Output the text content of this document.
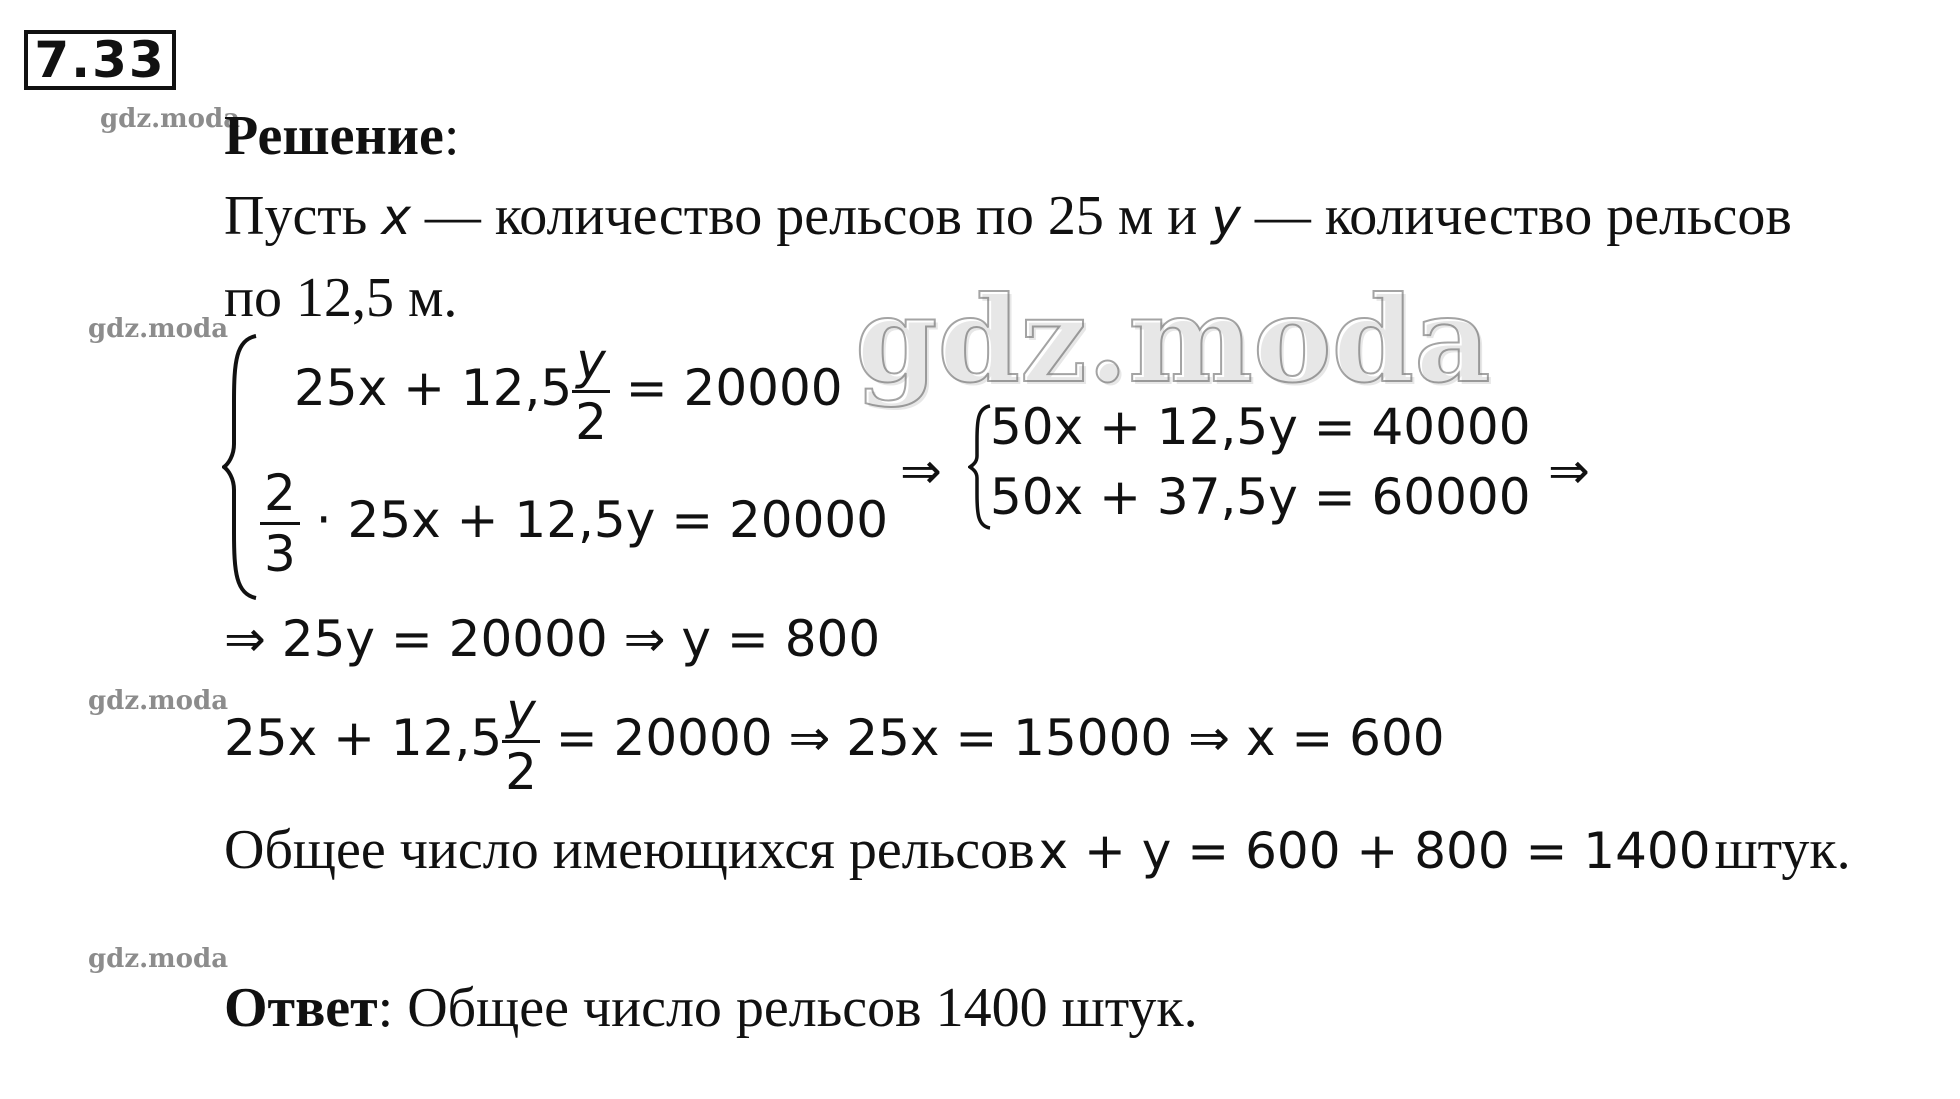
7.33
gdz.moda
gdz.moda
gdz.moda
gdz.moda
gdz.moda
Решение:
Пусть x — количество рельсов по 25 м и y — количество рельсов
по 12,5 м.
$25x + 12,5 \frac{y}{2} = 20000$
$\frac{2}{3} \cdot 25x + 12,5y = 20000$
⇒
50x + 12,5y = 40000
50x + 37,5y = 60000 ⇒
⇒ 25y = 20000 ⇒ y = 800
$25x + 12,5 \frac{y}{2} = 20000$ ⇒ 25x = 15000 ⇒ x = 600
Общее число имеющихся рельсов x + y = 600 + 800 = 1400 штук.
Ответ: Общее число рельсов 1400 штук.
